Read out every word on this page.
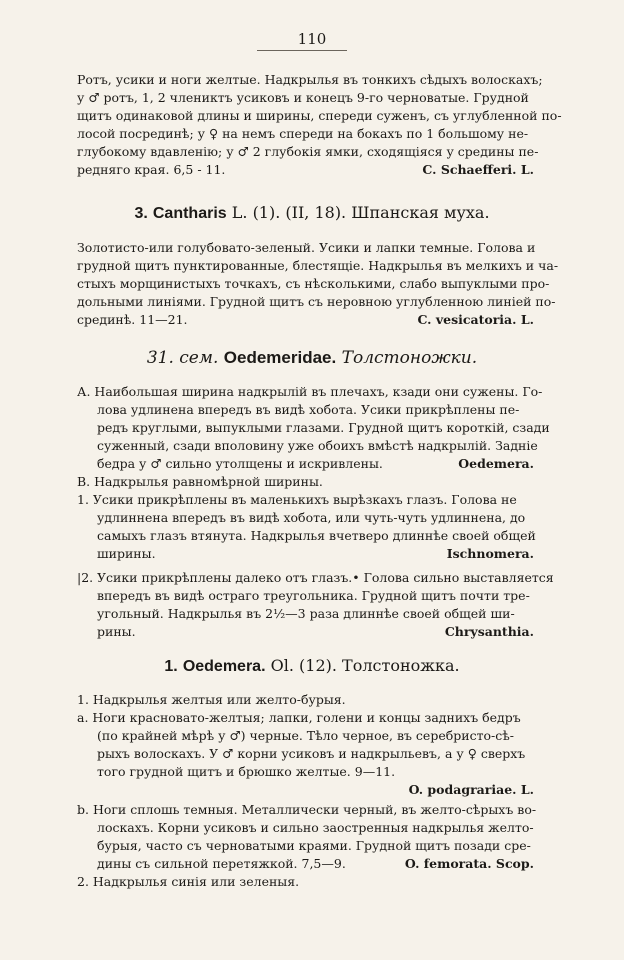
110
Ротъ, усики и ноги желтые. Надкрылья въ тонкихъ сѣдыхъ волоскахъ;
у ♂ ротъ, 1, 2 члениктъ усиковъ и конецъ 9-го черноватые. Грудной
щитъ одинаковой длины и ширины, спереди суженъ, съ углубленной по-
лосой посрединѣ; у ♀ на немъ спереди на бокахъ по 1 большому не-
глубокому вдавленію; у ♂ 2 глубокія ямки, сходящіяся у средины пе-
редняго края. 6,5 - 11.	C. Schaefferi. L.
3. Cantharis L. (1). (II, 18). Шпанская муха.
Золотисто-или голубовато-зеленый. Усики и лапки темные. Голова и
грудной щитъ пунктированные, блестящіе. Надкрылья въ мелкихъ и ча-
стыхъ морщинистыхъ точкахъ, съ нѣсколькими, слабо выпуклыми про-
дольными линіями. Грудной щитъ съ неровною углубленною линіей по-
срединѣ. 11—21.	C. vesicatoria. L.
31. сем. Oedemeridae. Толстоножки.
А. Наибольшая ширина надкрылій въ плечахъ, кзади они сужены. Го-
лова удлинена впередъ въ видѣ хобота. Усики прикрѣплены пе-
редъ круглыми, выпуклыми глазами. Грудной щитъ короткій, сзади
суженный, сзади вполовину уже обоихъ вмѣстѣ надкрылій. Задніе
бедра у ♂ сильно утолщены и искривлены.	Oedemera.
В. Надкрылья равномѣрной ширины.
1. Усики прикрѣплены въ маленькихъ вырѣзкахъ глазъ. Голова не
удлиннена впередъ въ видѣ хобота, или чуть-чуть удлиннена, до
самыхъ глазъ втянута. Надкрылья вчетверо длиннѣе своей общей
ширины.	Ischnomera.
|2. Усики прикрѣплены далеко отъ глазъ.• Голова сильно выставляется
впередъ въ видѣ остраго треугольника. Грудной щитъ почти тре-
угольный. Надкрылья въ 2½—3 раза длиннѣе своей общей ши-
рины.	Chrysanthia.
1. Oedemera. Ol. (12). Толстоножка.
1. Надкрылья желтыя или желто-бурыя.
а. Ноги красновато-желтыя; лапки, голени и концы заднихъ бедръ
(по крайней мѣрѣ у ♂) черные. Тѣло черное, въ серебристо-сѣ-
рыхъ волоскахъ. У ♂ корни усиковъ и надкрыльевъ, а у ♀ сверхъ
того грудной щитъ и брюшко желтые. 9—11.
O. podagrariae. L.
b. Ноги сплошь темныя. Металлически черный, въ желто-сѣрыхъ во-
лоскахъ. Корни усиковъ и сильно заостренныя надкрылья желто-
бурыя, часто съ черноватыми краями. Грудной щитъ позади сре-
дины съ сильной перетяжкой. 7,5—9.	O. femorata. Scop.
2. Надкрылья синія или зеленыя.
